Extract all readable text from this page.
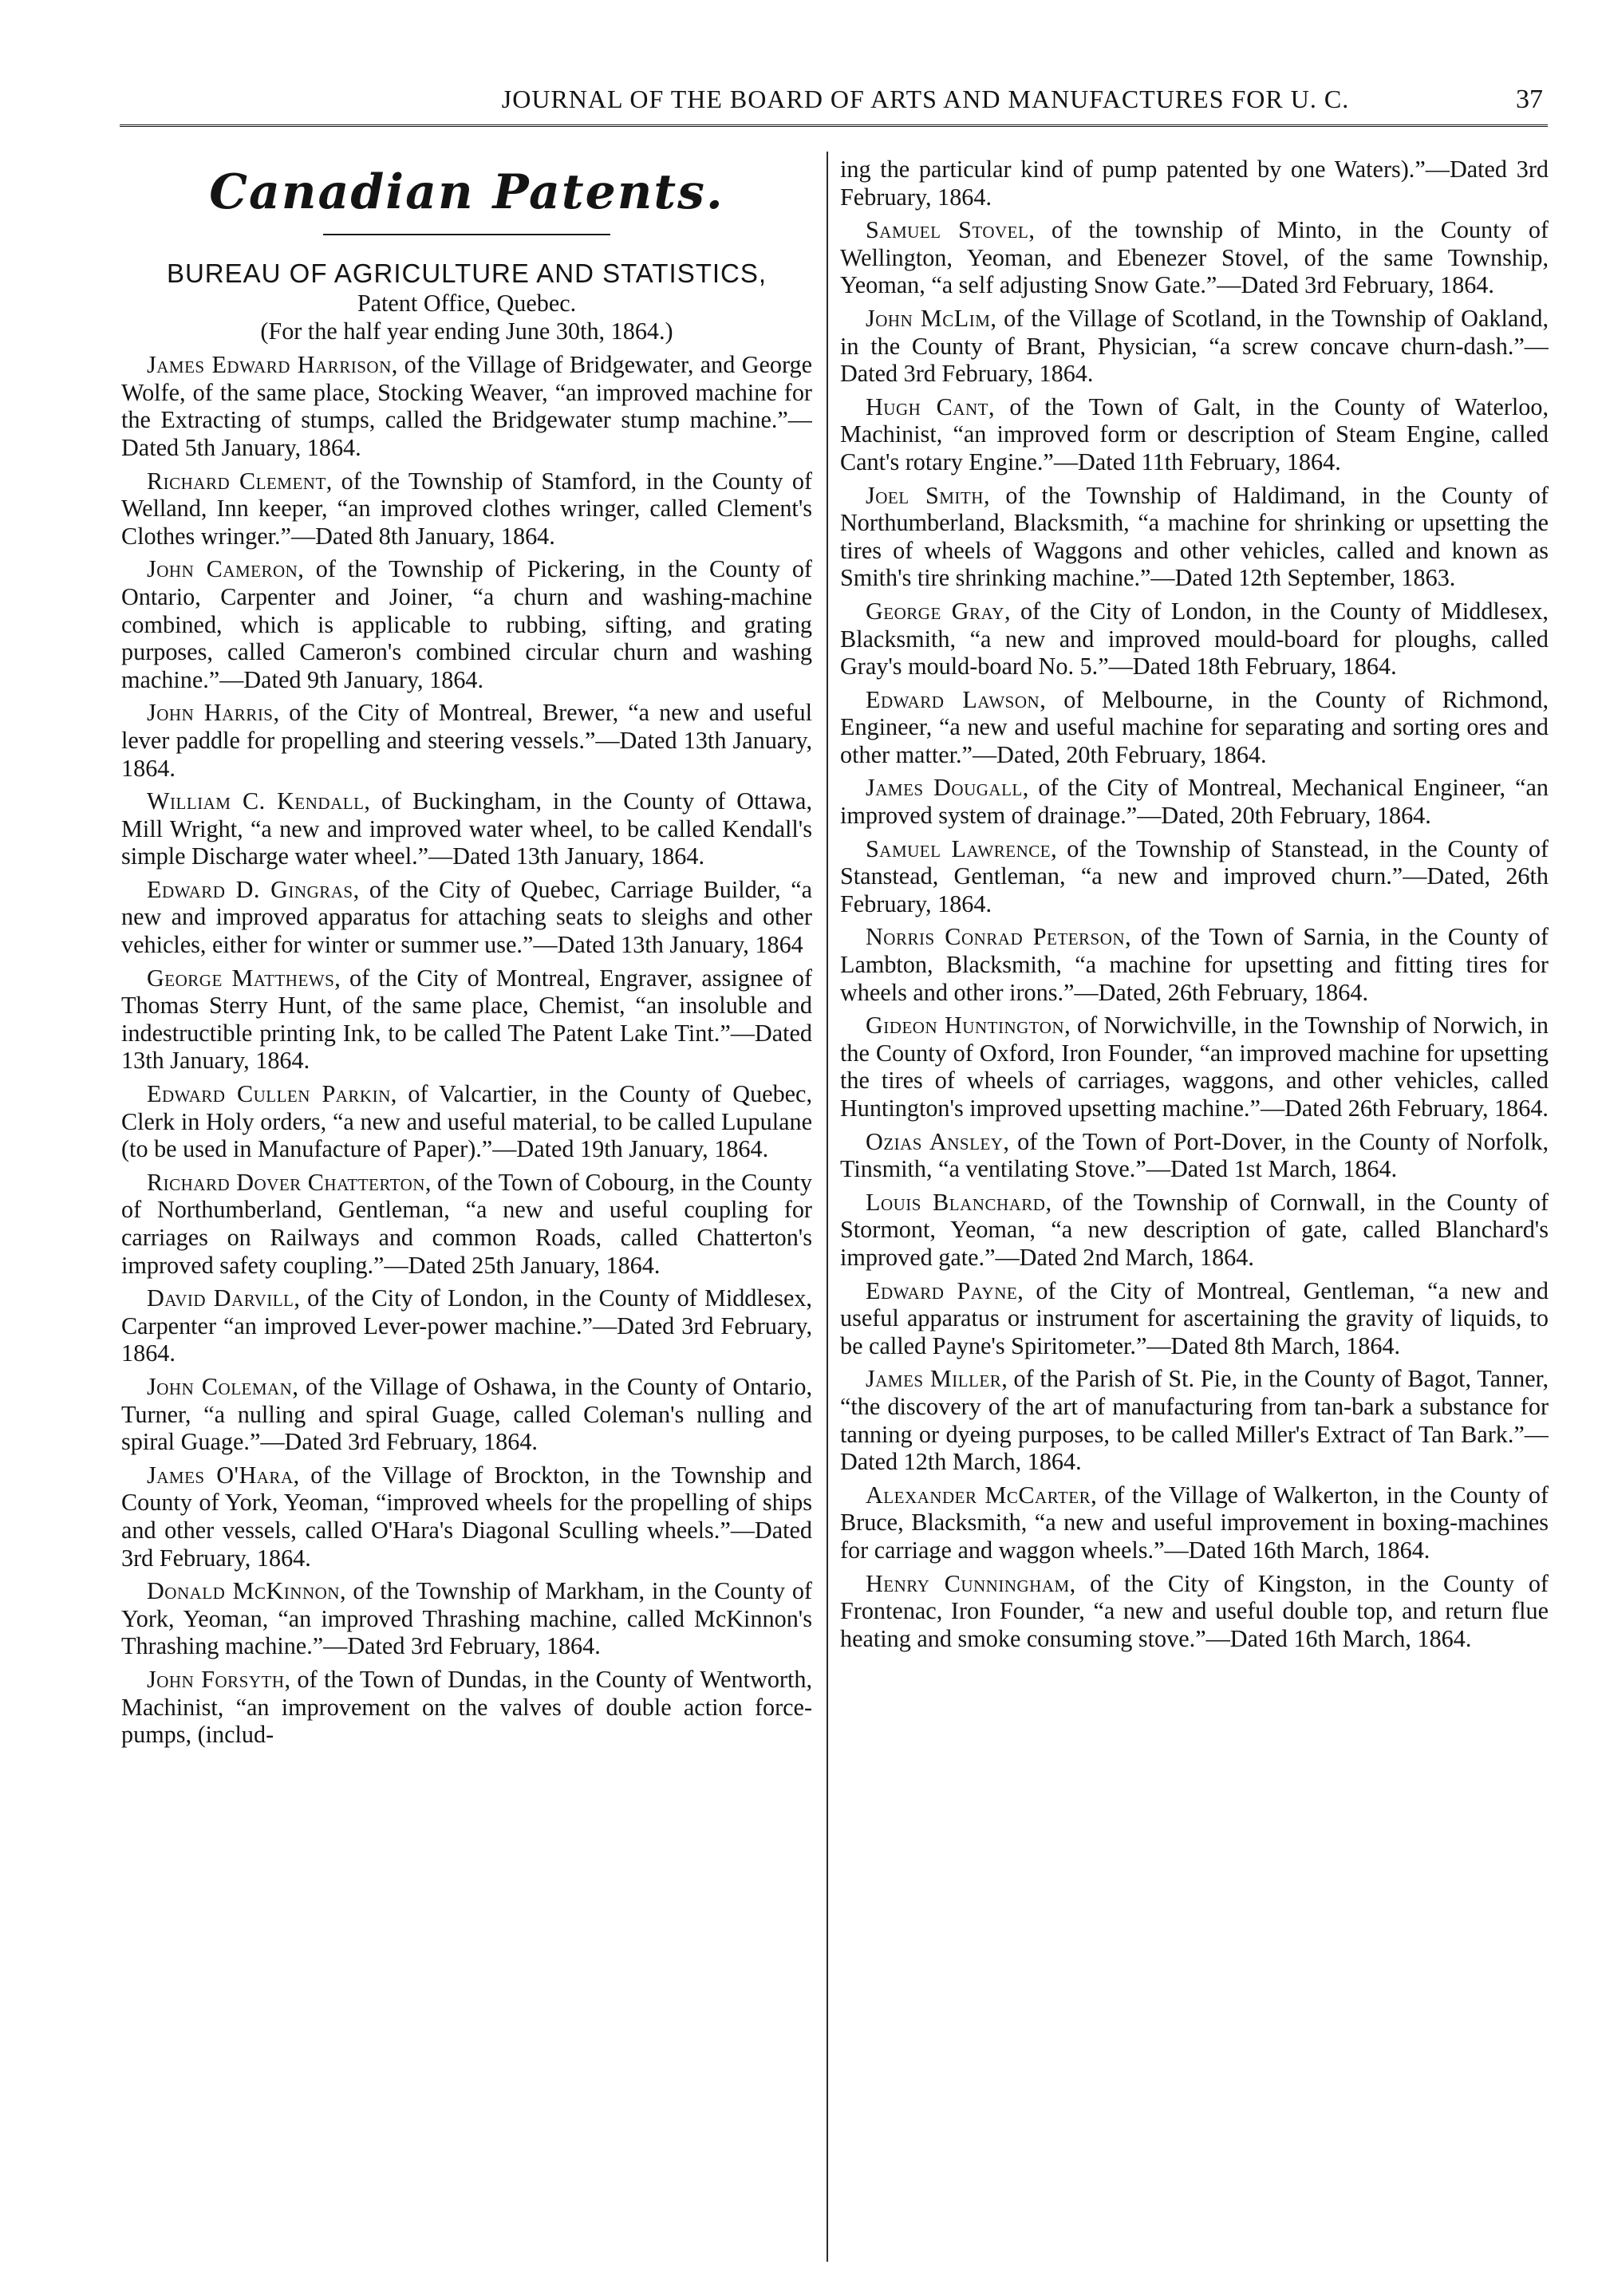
JOURNAL OF THE BOARD OF ARTS AND MANUFACTURES FOR U. C.	37
Canadian Patents.
BUREAU OF AGRICULTURE AND STATISTICS,
Patent Office, Quebec.
(For the half year ending June 30th, 1864.)

James Edward Harrison, of the Village of Bridgewater, and George Wolfe, of the same place, Stocking Weaver, “an improved machine for the Extracting of stumps, called the Bridgewater stump machine.”—Dated 5th January, 1864.

Richard Clement, of the Township of Stamford, in the County of Welland, Inn keeper, “an improved clothes wringer, called Clement's Clothes wringer.”—Dated 8th January, 1864.

John Cameron, of the Township of Pickering, in the County of Ontario, Carpenter and Joiner, “a churn and washing-machine combined, which is applicable to rubbing, sifting, and grating purposes, called Cameron's combined circular churn and washing machine.”—Dated 9th January, 1864.

John Harris, of the City of Montreal, Brewer, “a new and useful lever paddle for propelling and steering vessels.”—Dated 13th January, 1864.

William C. Kendall, of Buckingham, in the County of Ottawa, Mill Wright, “a new and improved water wheel, to be called Kendall's simple Discharge water wheel.”—Dated 13th January, 1864.

Edward D. Gingras, of the City of Quebec, Carriage Builder, “a new and improved apparatus for attaching seats to sleighs and other vehicles, either for winter or summer use.”—Dated 13th January, 1864

George Matthews, of the City of Montreal, Engraver, assignee of Thomas Sterry Hunt, of the same place, Chemist, “an insoluble and indestructible printing Ink, to be called The Patent Lake Tint.”—Dated 13th January, 1864.

Edward Cullen Parkin, of Valcartier, in the County of Quebec, Clerk in Holy orders, “a new and useful material, to be called Lupulane (to be used in Manufacture of Paper).”—Dated 19th January, 1864.

Richard Dover Chatterton, of the Town of Cobourg, in the County of Northumberland, Gentleman, “a new and useful coupling for carriages on Railways and common Roads, called Chatterton's improved safety coupling.”—Dated 25th January, 1864.

David Darvill, of the City of London, in the County of Middlesex, Carpenter “an improved Lever-power machine.”—Dated 3rd February, 1864.

John Coleman, of the Village of Oshawa, in the County of Ontario, Turner, “a nulling and spiral Guage, called Coleman's nulling and spiral Guage.”—Dated 3rd February, 1864.

James O'Hara, of the Village of Brockton, in the Township and County of York, Yeoman, “improved wheels for the propelling of ships and other vessels, called O'Hara's Diagonal Sculling wheels.”—Dated 3rd February, 1864.

Donald McKinnon, of the Township of Markham, in the County of York, Yeoman, “an improved Thrashing machine, called McKinnon's Thrashing machine.”—Dated 3rd February, 1864.

John Forsyth, of the Town of Dundas, in the County of Wentworth, Machinist, “an improvement on the valves of double action force-pumps, (includ-

ing the particular kind of pump patented by one Waters).”—Dated 3rd February, 1864.

Samuel Stovel, of the township of Minto, in the County of Wellington, Yeoman, and Ebenezer Stovel, of the same Township, Yeoman, “a self adjusting Snow Gate.”—Dated 3rd February, 1864.

John McLim, of the Village of Scotland, in the Township of Oakland, in the County of Brant, Physician, “a screw concave churn-dash.”—Dated 3rd February, 1864.

Hugh Cant, of the Town of Galt, in the County of Waterloo, Machinist, “an improved form or description of Steam Engine, called Cant's rotary Engine.”—Dated 11th February, 1864.

Joel Smith, of the Township of Haldimand, in the County of Northumberland, Blacksmith, “a machine for shrinking or upsetting the tires of wheels of Waggons and other vehicles, called and known as Smith's tire shrinking machine.”—Dated 12th September, 1863.

George Gray, of the City of London, in the County of Middlesex, Blacksmith, “a new and improved mould-board for ploughs, called Gray's mould-board No. 5.”—Dated 18th February, 1864.

Edward Lawson, of Melbourne, in the County of Richmond, Engineer, “a new and useful machine for separating and sorting ores and other matter.”—Dated, 20th February, 1864.

James Dougall, of the City of Montreal, Mechanical Engineer, “an improved system of drainage.”—Dated, 20th February, 1864.

Samuel Lawrence, of the Township of Stanstead, in the County of Stanstead, Gentleman, “a new and improved churn.”—Dated, 26th February, 1864.

Norris Conrad Peterson, of the Town of Sarnia, in the County of Lambton, Blacksmith, “a machine for upsetting and fitting tires for wheels and other irons.”—Dated, 26th February, 1864.

Gideon Huntington, of Norwichville, in the Township of Norwich, in the County of Oxford, Iron Founder, “an improved machine for upsetting the tires of wheels of carriages, waggons, and other vehicles, called Huntington's improved upsetting machine.”—Dated 26th February, 1864.

Ozias Ansley, of the Town of Port-Dover, in the County of Norfolk, Tinsmith, “a ventilating Stove.”—Dated 1st March, 1864.

Louis Blanchard, of the Township of Cornwall, in the County of Stormont, Yeoman, “a new description of gate, called Blanchard's improved gate.”—Dated 2nd March, 1864.

Edward Payne, of the City of Montreal, Gentleman, “a new and useful apparatus or instrument for ascertaining the gravity of liquids, to be called Payne's Spiritometer.”—Dated 8th March, 1864.

James Miller, of the Parish of St. Pie, in the County of Bagot, Tanner, “the discovery of the art of manufacturing from tan-bark a substance for tanning or dyeing purposes, to be called Miller's Extract of Tan Bark.”—Dated 12th March, 1864.

Alexander McCarter, of the Village of Walkerton, in the County of Bruce, Blacksmith, “a new and useful improvement in boxing-machines for carriage and waggon wheels.”—Dated 16th March, 1864.

Henry Cunningham, of the City of Kingston, in the County of Frontenac, Iron Founder, “a new and useful double top, and return flue heating and smoke consuming stove.”—Dated 16th March, 1864.
